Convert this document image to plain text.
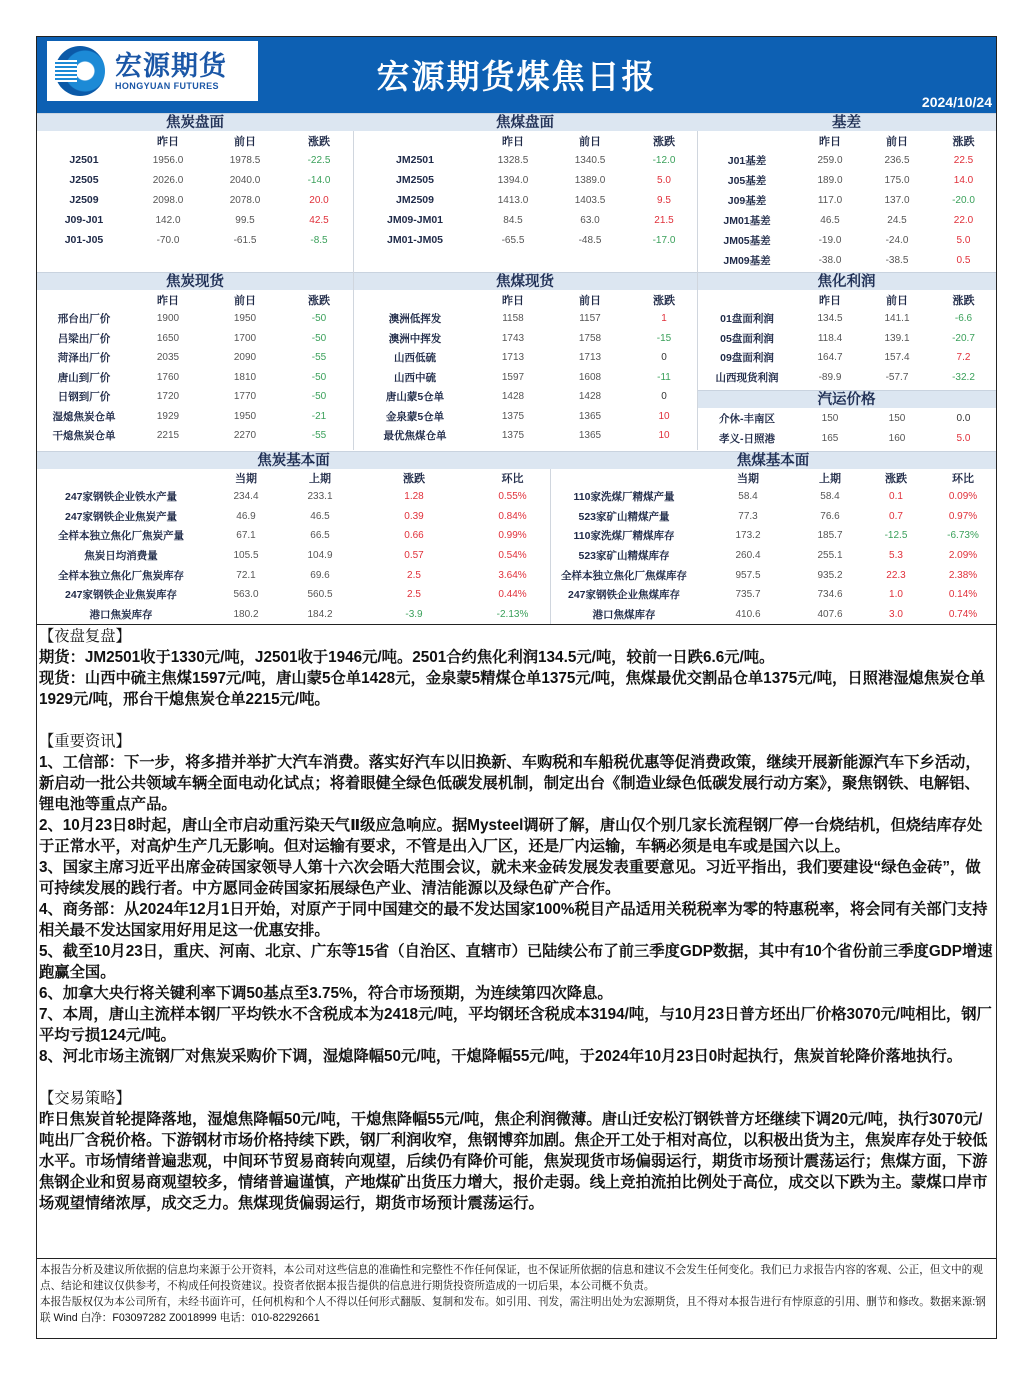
宏源期货
HONGYUAN FUTURES	宏源期货煤焦日报
2024/10/24
焦炭盘面
昨日	前日	涨跌
J2501	1956.0	1978.5	-22.5
J2505	2026.0	2040.0	-14.0
J2509	2098.0	2078.0	20.0
J09-J01	142.0	99.5	42.5
J01-J05	-70.0	-61.5	-8.5
焦煤盘面
昨日	前日	涨跌
JM2501	1328.5	1340.5	-12.0
JM2505	1394.0	1389.0	5.0
JM2509	1413.0	1403.5	9.5
JM09-JM01	84.5	63.0	21.5
JM01-JM05	-65.5	-48.5	-17.0
基差
昨日	前日	涨跌
J01基差	259.0	236.5	22.5
J05基差	189.0	175.0	14.0
J09基差	117.0	137.0	-20.0
JM01基差	46.5	24.5	22.0
JM05基差	-19.0	-24.0	5.0
JM09基差	-38.0	-38.5	0.5
焦炭现货
昨日	前日	涨跌
邢台出厂价	1900	1950	-50
吕梁出厂价	1650	1700	-50
菏泽出厂价	2035	2090	-55
唐山到厂价	1760	1810	-50
日钢到厂价	1720	1770	-50
湿熄焦炭仓单	1929	1950	-21
干熄焦炭仓单	2215	2270	-55
焦煤现货
昨日	前日	涨跌
澳洲低挥发	1158	1157	1
澳洲中挥发	1743	1758	-15
山西低硫	1713	1713	0
山西中硫	1597	1608	-11
唐山蒙5仓单	1428	1428	0
金泉蒙5仓单	1375	1365	10
最优焦煤仓单	1375	1365	10
焦化利润
昨日	前日	涨跌
01盘面利润	134.5	141.1	-6.6
05盘面利润	118.4	139.1	-20.7
09盘面利润	164.7	157.4	7.2
山西现货利润	-89.9	-57.7	-32.2
汽运价格
介休-丰南区	150	150	0.0
孝义-日照港	165	160	5.0
焦炭基本面
当期	上期	涨跌	环比
247家钢铁企业铁水产量	234.4	233.1	1.28	0.55%
247家钢铁企业焦炭产量	46.9	46.5	0.39	0.84%
全样本独立焦化厂焦炭产量	67.1	66.5	0.66	0.99%
焦炭日均消费量	105.5	104.9	0.57	0.54%
全样本独立焦化厂焦炭库存	72.1	69.6	2.5	3.64%
247家钢铁企业焦炭库存	563.0	560.5	2.5	0.44%
港口焦炭库存	180.2	184.2	-3.9	-2.13%
焦煤基本面
当期	上期	涨跌	环比
110家洗煤厂精煤产量	58.4	58.4	0.1	0.09%
523家矿山精煤产量	77.3	76.6	0.7	0.97%
110家洗煤厂精煤库存	173.2	185.7	-12.5	-6.73%
523家矿山精煤库存	260.4	255.1	5.3	2.09%
全样本独立焦化厂焦煤库存	957.5	935.2	22.3	2.38%
247家钢铁企业焦煤库存	735.7	734.6	1.0	0.14%
港口焦煤库存	410.6	407.6	3.0	0.74%
【夜盘复盘】
期货：JM2501收于1330元/吨，J2501收于1946元/吨。2501合约焦化利润134.5元/吨，较前一日跌6.6元/吨。
现货：山西中硫主焦煤1597元/吨，唐山蒙5仓单1428元，金泉蒙5精煤仓单1375元/吨，焦煤最优交割品仓单1375元/吨，日照港湿熄焦炭仓单1929元/吨，邢台干熄焦炭仓单2215元/吨。
【重要资讯】
1、工信部：下一步，将多措并举扩大汽车消费。落实好汽车以旧换新、车购税和车船税优惠等促消费政策，继续开展新能源汽车下乡活动，新启动一批公共领域车辆全面电动化试点；将着眼健全绿色低碳发展机制，制定出台《制造业绿色低碳发展行动方案》，聚焦钢铁、电解铝、锂电池等重点产品。
2、10月23日8时起，唐山全市启动重污染天气Ⅱ级应急响应。据Mysteel调研了解，唐山仅个别几家长流程钢厂停一台烧结机，但烧结库存处于正常水平，对高炉生产几无影响。但对运输有要求，不管是出入厂区，还是厂内运输，车辆必须是电车或是国六以上。
3、国家主席习近平出席金砖国家领导人第十六次会晤大范围会议，就未来金砖发展发表重要意见。习近平指出，我们要建设“绿色金砖”，做可持续发展的践行者。中方愿同金砖国家拓展绿色产业、清洁能源以及绿色矿产合作。
4、商务部：从2024年12月1日开始，对原产于同中国建交的最不发达国家100%税目产品适用关税税率为零的特惠税率，将会同有关部门支持相关最不发达国家用好用足这一优惠安排。
5、截至10月23日，重庆、河南、北京、广东等15省（自治区、直辖市）已陆续公布了前三季度GDP数据，其中有10个省份前三季度GDP增速跑赢全国。
6、加拿大央行将关键利率下调50基点至3.75%，符合市场预期，为连续第四次降息。
7、本周，唐山主流样本钢厂平均铁水不含税成本为2418元/吨，平均钢坯含税成本3194/吨，与10月23日普方坯出厂价格3070元/吨相比，钢厂平均亏损124元/吨。
8、河北市场主流钢厂对焦炭采购价下调，湿熄降幅50元/吨，干熄降幅55元/吨，于2024年10月23日0时起执行，焦炭首轮降价落地执行。
【交易策略】
昨日焦炭首轮提降落地，湿熄焦降幅50元/吨，干熄焦降幅55元/吨，焦企利润微薄。唐山迁安松汀钢铁普方坯继续下调20元/吨，执行3070元/吨出厂含税价格。下游钢材市场价格持续下跌，钢厂利润收窄，焦钢博弈加剧。焦企开工处于相对高位，以积极出货为主，焦炭库存处于较低水平。市场情绪普遍悲观，中间环节贸易商转向观望，后续仍有降价可能，焦炭现货市场偏弱运行，期货市场预计震荡运行；焦煤方面，下游焦钢企业和贸易商观望较多，情绪普遍谨慎，产地煤矿出货压力增大，报价走弱。线上竞拍流拍比例处于高位，成交以下跌为主。蒙煤口岸市场观望情绪浓厚，成交乏力。焦煤现货偏弱运行，期货市场预计震荡运行。
本报告分析及建议所依据的信息均来源于公开资料，本公司对这些信息的准确性和完整性不作任何保证，也不保证所依据的信息和建议不会发生任何变化。我们已力求报告内容的客观、公正，但文中的观点、结论和建议仅供参考，不构成任何投资建议。投资者依据本报告提供的信息进行期货投资所造成的一切后果，本公司概不负责。
本报告版权仅为本公司所有，未经书面许可，任何机构和个人不得以任何形式翻版、复制和发布。如引用、刊发，需注明出处为宏源期货，且不得对本报告进行有悖原意的引用、删节和修改。数据来源:钢联 Wind 白净：F03097282 Z0018999 电话：010-82292661
